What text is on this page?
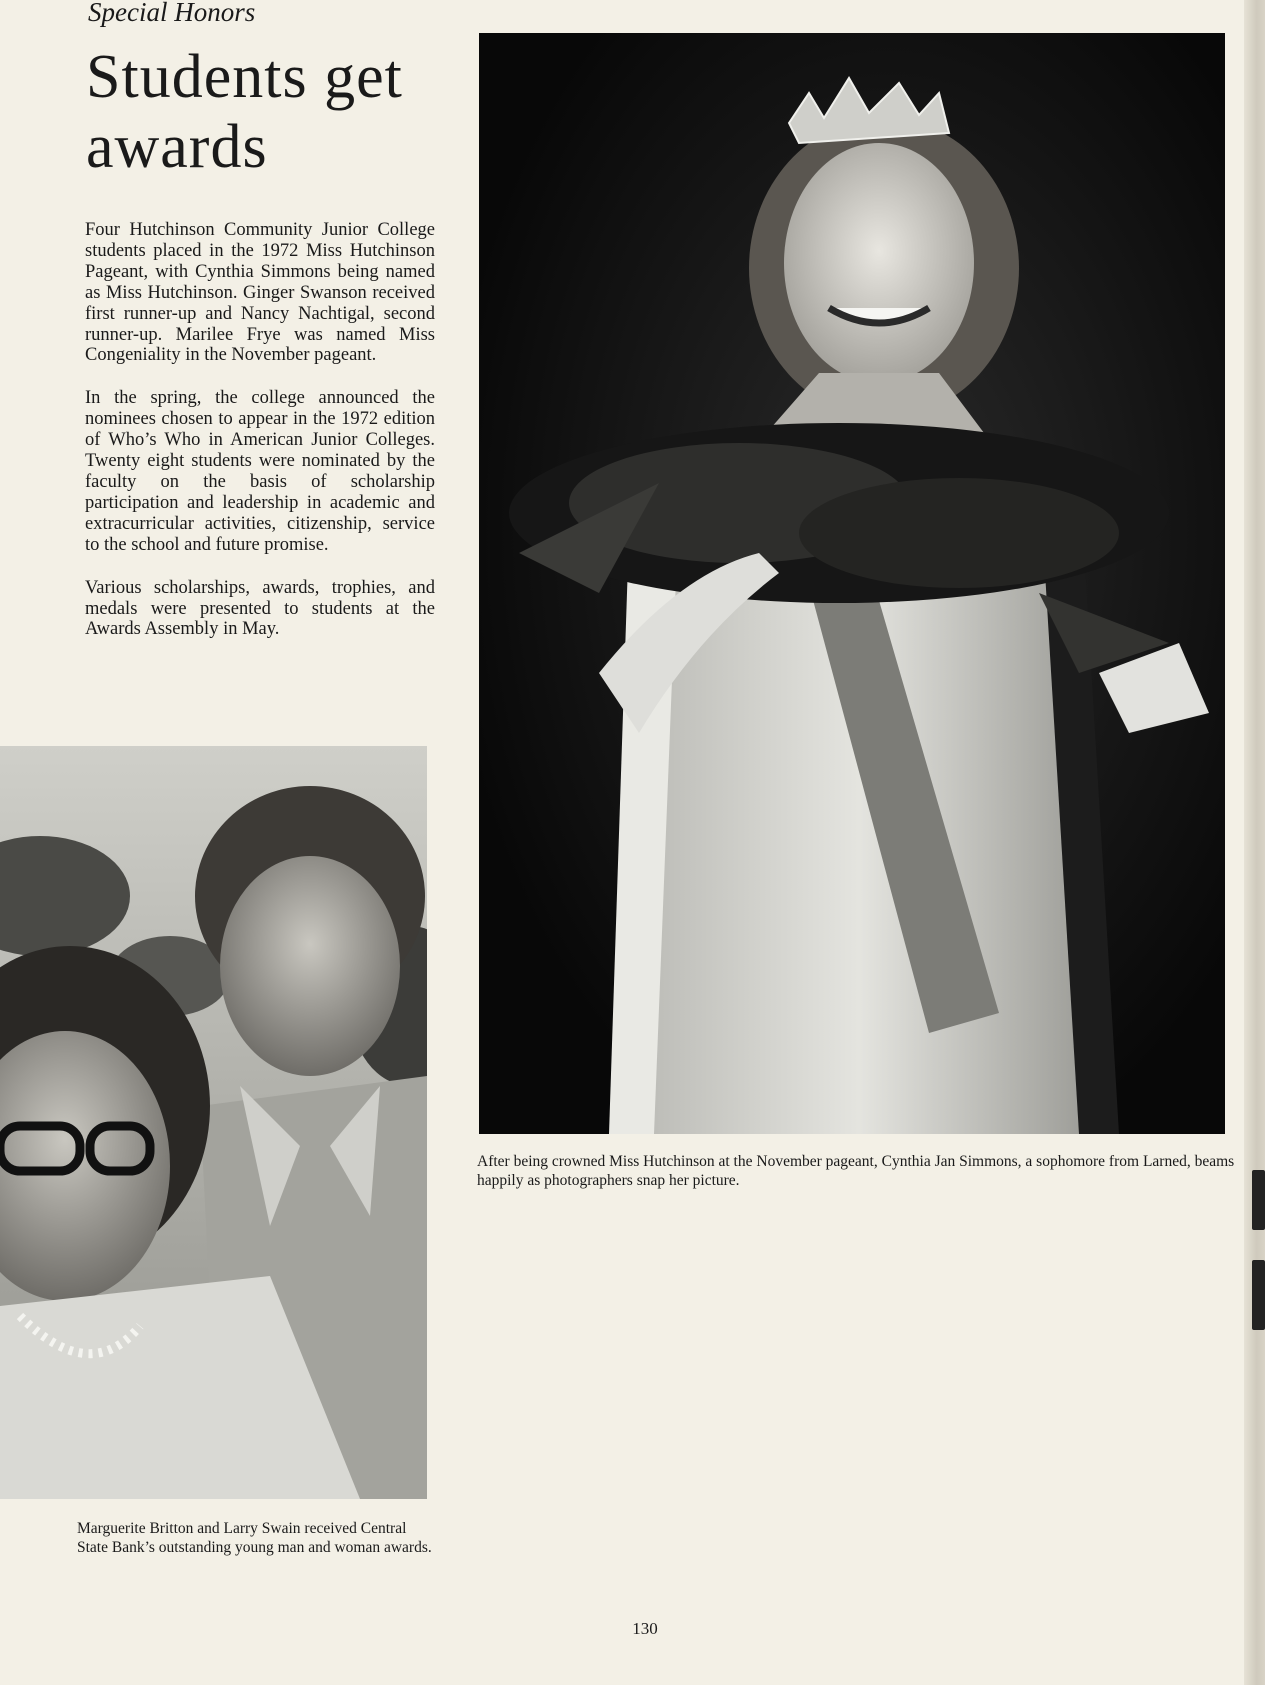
Special Honors

Students get awards

Four Hutchinson Community Junior College students placed in the 1972 Miss Hutchinson Pageant, with Cynthia Simmons being named as Miss Hutchinson. Ginger Swanson received first runner-up and Nancy Nachtigal, second runner-up. Marilee Frye was named Miss Congeniality in the November pageant.

In the spring, the college announced the nominees chosen to appear in the 1972 edition of Who’s Who in American Junior Colleges. Twenty eight students were nominated by the faculty on the basis of scholarship participation and leadership in academic and extracurricular activities, citizenship, service to the school and future promise.

Various scholarships, awards, trophies, and medals were presented to students at the Awards Assembly in May.

After being crowned Miss Hutchinson at the November pageant, Cynthia Jan Simmons, a sophomore from Larned, beams happily as photographers snap her picture.

Marguerite Britton and Larry Swain received Central State Bank’s outstanding young man and woman awards.

130
